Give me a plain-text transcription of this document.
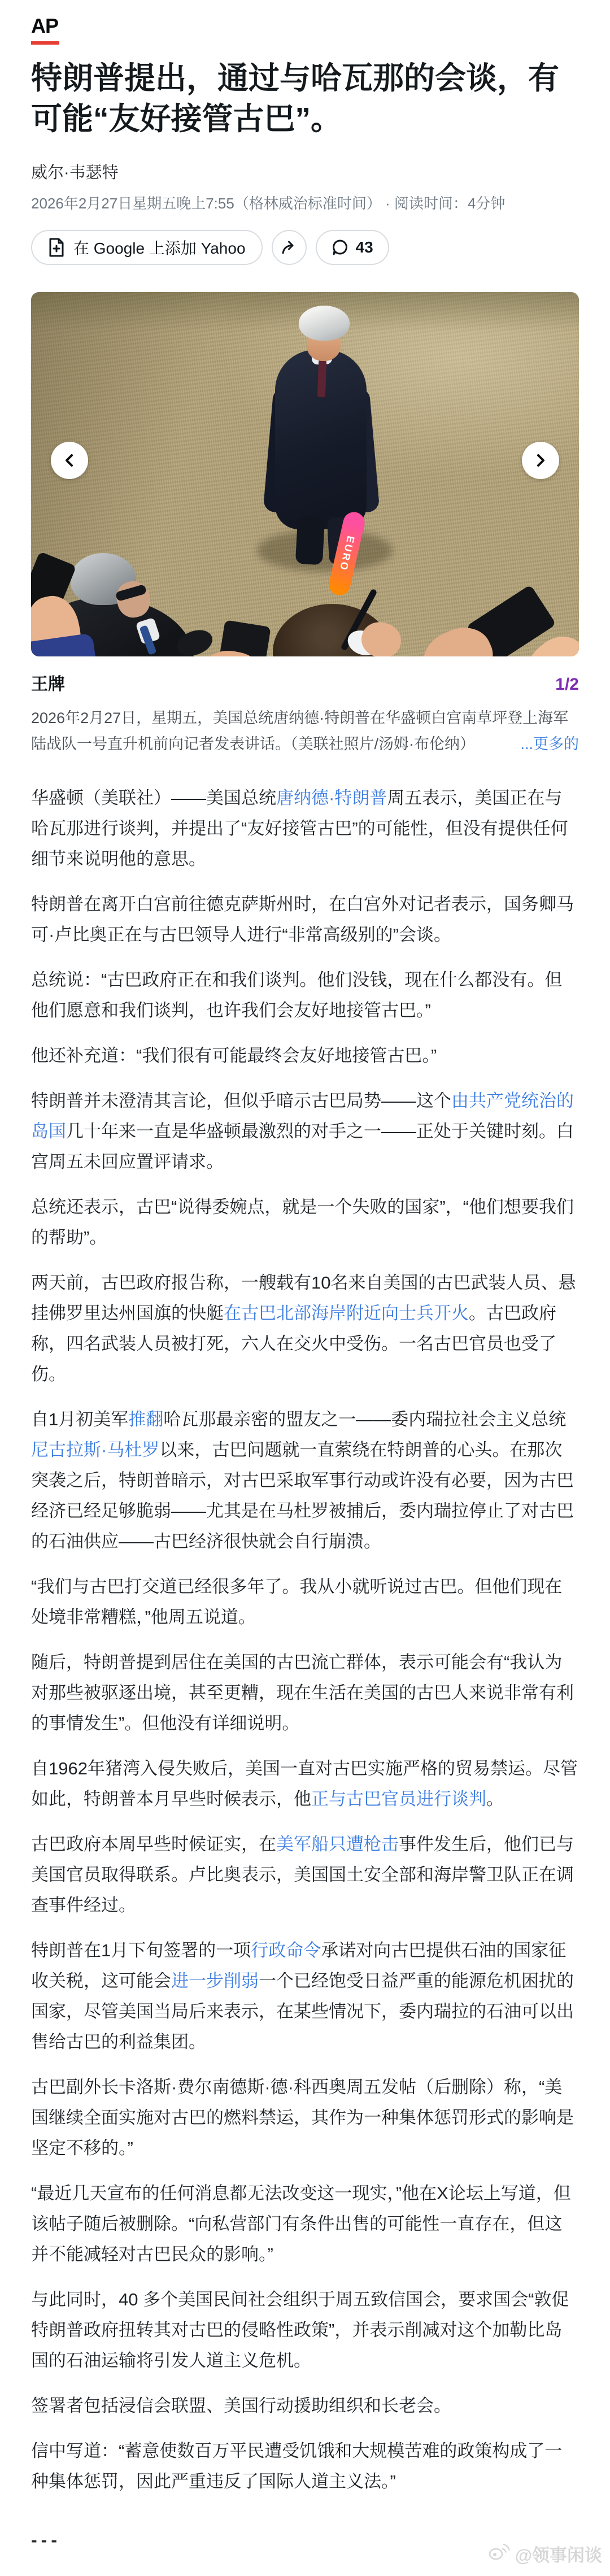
AP
特朗普提出，通过与哈瓦那的会谈，有可能“友好接管古巴”。
威尔·韦瑟特
2026年2月27日星期五晚上7:55（格林威治标准时间） · 阅读时间：4分钟
在 Google 上添加 Yahoo	43
EURO
王牌	1/2
2026年2月27日，星期五，美国总统唐纳德·特朗普在华盛顿白宫南草坪登上海军陆战队一号直升机前向记者发表讲话。（美联社照片/汤姆·布伦纳）	...更多的

华盛顿（美联社）——美国总统唐纳德·特朗普周五表示，美国正在与哈瓦那进行谈判，并提出了“友好接管古巴”的可能性，但没有提供任何细节来说明他的意思。

特朗普在离开白宫前往德克萨斯州时，在白宫外对记者表示，国务卿马可·卢比奥正在与古巴领导人进行“非常高级别的”会谈。

总统说：“古巴政府正在和我们谈判。他们没钱，现在什么都没有。但他们愿意和我们谈判，也许我们会友好地接管古巴。”

他还补充道：“我们很有可能最终会友好地接管古巴。”

特朗普并未澄清其言论，但似乎暗示古巴局势——这个由共产党统治的岛国几十年来一直是华盛顿最激烈的对手之一——正处于关键时刻。白宫周五未回应置评请求。

总统还表示，古巴“说得委婉点，就是一个失败的国家”，“他们想要我们的帮助”。

两天前，古巴政府报告称，一艘载有10名来自美国的古巴武装人员、悬挂佛罗里达州国旗的快艇在古巴北部海岸附近向士兵开火。古巴政府称，四名武装人员被打死，六人在交火中受伤。一名古巴官员也受了伤。

自1月初美军推翻哈瓦那最亲密的盟友之一——委内瑞拉社会主义总统尼古拉斯·马杜罗以来，古巴问题就一直萦绕在特朗普的心头。在那次突袭之后，特朗普暗示，对古巴采取军事行动或许没有必要，因为古巴经济已经足够脆弱——尤其是在马杜罗被捕后，委内瑞拉停止了对古巴的石油供应——古巴经济很快就会自行崩溃。

“我们与古巴打交道已经很多年了。我从小就听说过古巴。但他们现在处境非常糟糕，”他周五说道。

随后，特朗普提到居住在美国的古巴流亡群体，表示可能会有“我认为对那些被驱逐出境，甚至更糟，现在生活在美国的古巴人来说非常有利的事情发生”。但他没有详细说明。

自1962年猪湾入侵失败后，美国一直对古巴实施严格的贸易禁运。尽管如此，特朗普本月早些时候表示，他正与古巴官员进行谈判。

古巴政府本周早些时候证实，在美军船只遭枪击事件发生后，他们已与美国官员取得联系。卢比奥表示，美国国土安全部和海岸警卫队正在调查事件经过。

特朗普在1月下旬签署的一项行政命令承诺对向古巴提供石油的国家征收关税，这可能会进一步削弱一个已经饱受日益严重的能源危机困扰的国家，尽管美国当局后来表示，在某些情况下，委内瑞拉的石油可以出售给古巴的利益集团。

古巴副外长卡洛斯·费尔南德斯·德·科西奥周五发帖（后删除）称，“美国继续全面实施对古巴的燃料禁运，其作为一种集体惩罚形式的影响是坚定不移的。”

“最近几天宣布的任何消息都无法改变这一现实，”他在X论坛上写道，但该帖子随后被删除。“向私营部门有条件出售的可能性一直存在，但这并不能减轻对古巴民众的影响。”

与此同时，40 多个美国民间社会组织于周五致信国会，要求国会“敦促特朗普政府扭转其对古巴的侵略性政策”，并表示削减对这个加勒比岛国的石油运输将引发人道主义危机。

签署者包括浸信会联盟、美国行动援助组织和长老会。

信中写道：“蓄意使数百万平民遭受饥饿和大规模苦难的政策构成了一种集体惩罚，因此严重违反了国际人道主义法。”

---
@领事闲谈
